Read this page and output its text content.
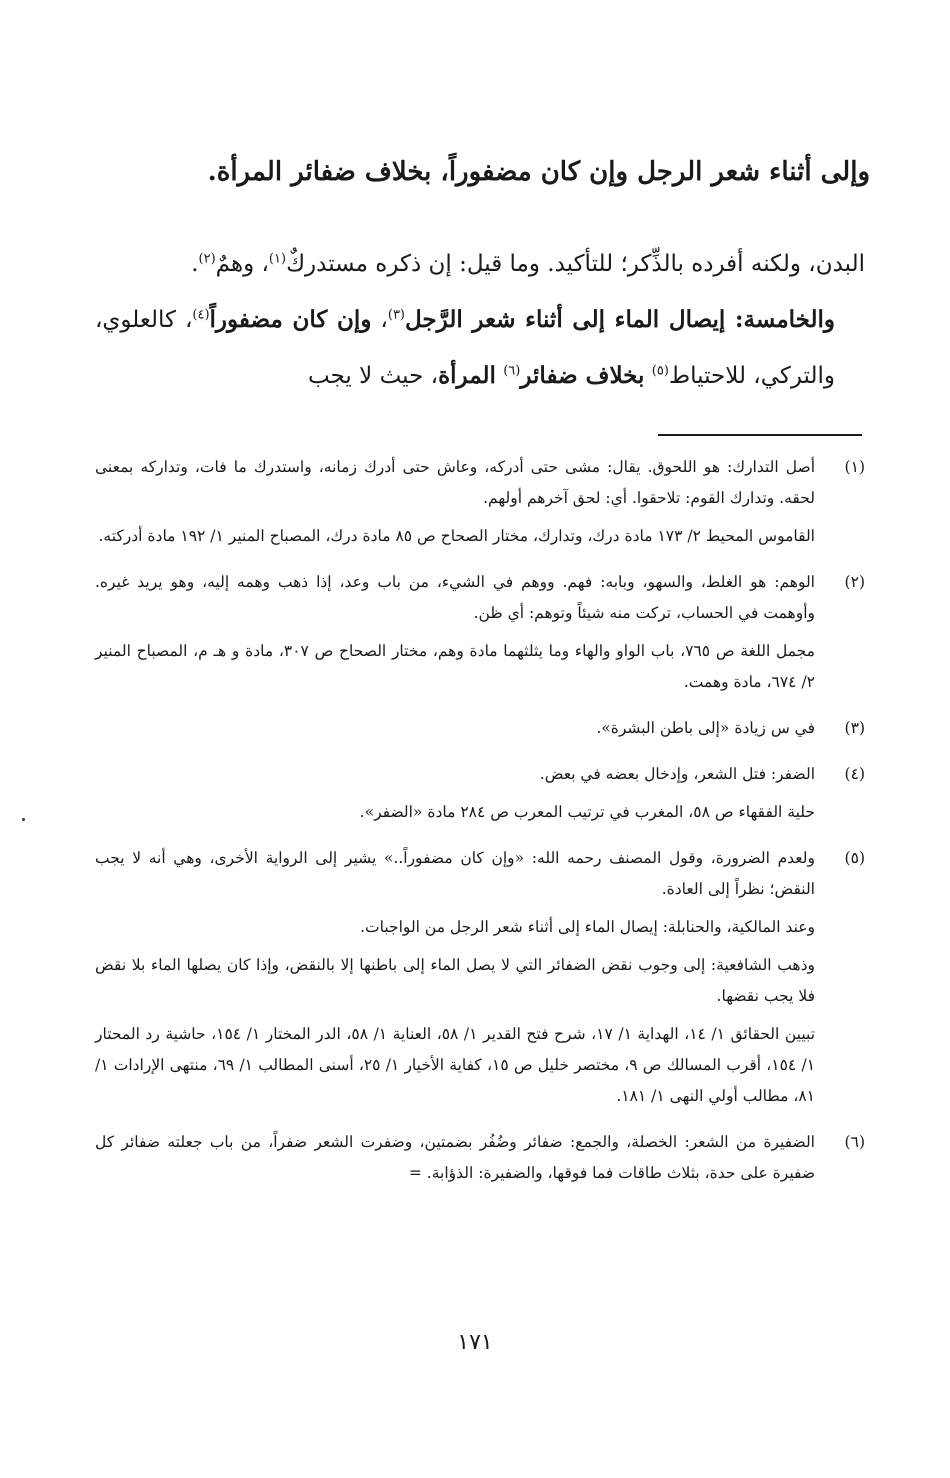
وإلى أثناء شعر الرجل وإن كان مضفوراً، بخلاف ضفائر المرأة.

البدن، ولكنه أفرده بالذِّكر؛ للتأكيد. وما قيل: إن ذكره مستدركٌ$^{(١)}$، وهمٌ$^{(٢)}$.

والخامسة: إيصال الماء إلى أثناء شعر الرَّجل$^{(٣)}$، وإن كان مضفوراً$^{(٤)}$، كالعلوي، والتركي، للاحتياط$^{(٥)}$ بخلاف ضفائر$^{(٦)}$ المرأة، حيث لا يجب

(١)

أصل التدارك: هو اللحوق. يقال: مشى حتى أدركه، وعاش حتى أدرك زمانه، واستدرك ما فات، وتداركه بمعنى لحقه. وتدارك القوم: تلاحقوا. أي: لحق آخرهم أولهم.

القاموس المحيط ٢/ ١٧٣ مادة درك، وتدارك، مختار الصحاح ص ٨٥ مادة درك، المصباح المنير ١/ ١٩٢ مادة أدركته.

(٢)

الوهم: هو الغلط، والسهو، وبابه: فهم. ووهم في الشيء، من باب وعد، إذا ذهب وهمه إليه، وهو يريد غيره. وأوهمت في الحساب، تركت منه شيئاً وتوهم: أي ظن.

مجمل اللغة ص ٧٦٥، باب الواو والهاء وما يثلثهما مادة وهم، مختار الصحاح ص ٣٠٧، مادة و هـ م، المصباح المنير ٢/ ٦٧٤، مادة وهمت.

(٣)

في س زيادة «إلى باطن البشرة».

(٤)

الضفر: فتل الشعر، وإدخال بعضه في بعض.

حلية الفقهاء ص ٥٨، المغرب في ترتيب المعرب ص ٢٨٤ مادة «الضفر».

(٥)

ولعدم الضرورة، وقول المصنف رحمه الله: «وإن كان مضفوراً..» يشير إلى الرواية الأخرى، وهي أنه لا يجب النقض؛ نظراً إلى العادة.

وعند المالكية، والحنابلة: إيصال الماء إلى أثناء شعر الرجل من الواجبات.

وذهب الشافعية: إلى وجوب نقض الضفائر التي لا يصل الماء إلى باطنها إلا بالنقض، وإذا كان يصلها الماء بلا نقض فلا يجب نقضها.

تبيين الحقائق ١/ ١٤، الهداية ١/ ١٧، شرح فتح القدير ١/ ٥٨، العناية ١/ ٥٨، الدر المختار ١/ ١٥٤، حاشية رد المحتار ١/ ١٥٤، أقرب المسالك ص ٩، مختصر خليل ص ١٥، كفاية الأخيار ١/ ٢٥، أسنى المطالب ١/ ٦٩، منتهى الإرادات ١/ ٨١، مطالب أولي النهى ١/ ١٨١.

(٦)

الضفيرة من الشعر: الخصلة، والجمع: ضفائر وضُفُر بضمتين، وضفرت الشعر ضفراً، من باب جعلته ضفائر كل ضفيرة على حدة، بثلاث طاقات فما فوقها، والضفيرة: الذؤابة. =

١٧١
